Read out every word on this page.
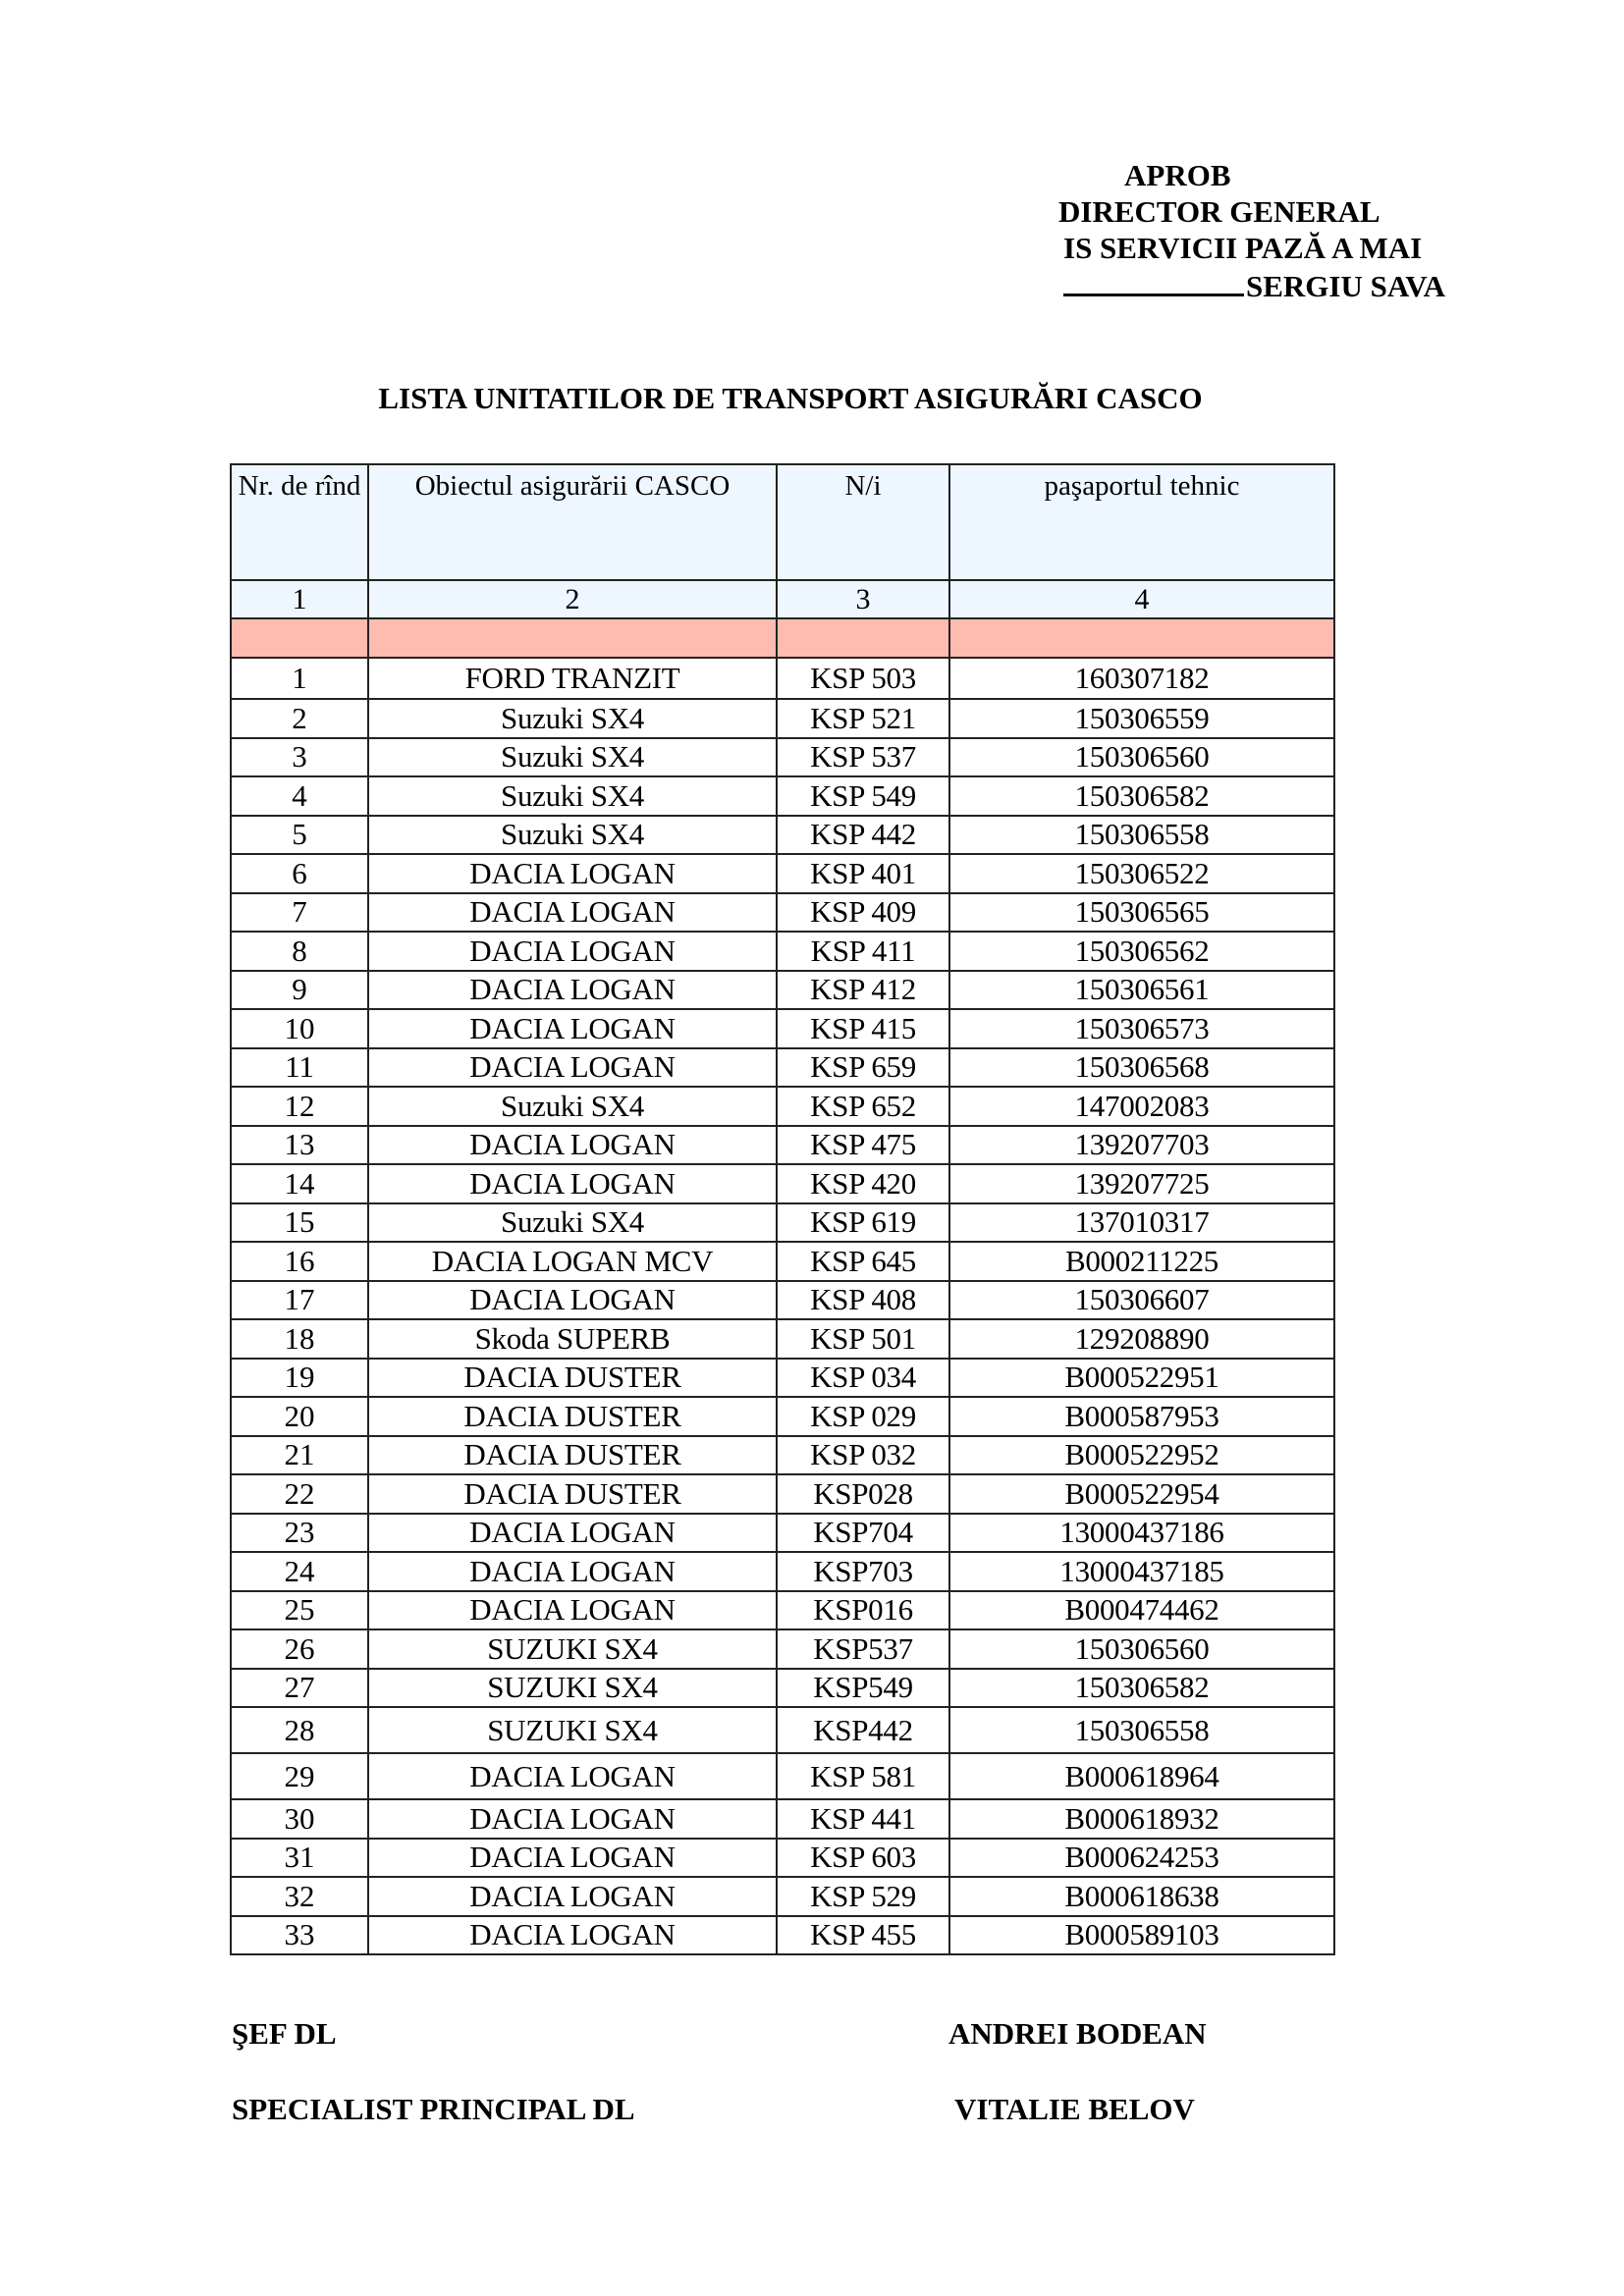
APROB
DIRECTOR GENERAL
IS SERVICII PAZĂ A MAI
SERGIU SAVA
LISTA UNITATILOR DE TRANSPORT ASIGURĂRI CASCO
Nr. de rînd	Obiectul asigurării CASCO	N/i	paşaportul tehnic
1	2	3	4

1	FORD TRANZIT	KSP 503	160307182
2	Suzuki SX4	KSP 521	150306559
3	Suzuki SX4	KSP 537	150306560
4	Suzuki SX4	KSP 549	150306582
5	Suzuki SX4	KSP 442	150306558
6	DACIA LOGAN	KSP 401	150306522
7	DACIA LOGAN	KSP 409	150306565
8	DACIA LOGAN	KSP 411	150306562
9	DACIA LOGAN	KSP 412	150306561
10	DACIA LOGAN	KSP 415	150306573
11	DACIA LOGAN	KSP 659	150306568
12	Suzuki SX4	KSP 652	147002083
13	DACIA LOGAN	KSP 475	139207703
14	DACIA LOGAN	KSP 420	139207725
15	Suzuki SX4	KSP 619	137010317
16	DACIA LOGAN MCV	KSP 645	B000211225
17	DACIA LOGAN	KSP 408	150306607
18	Skoda SUPERB	KSP 501	129208890
19	DACIA DUSTER	KSP 034	B000522951
20	DACIA DUSTER	KSP 029	B000587953
21	DACIA DUSTER	KSP 032	B000522952
22	DACIA DUSTER	KSP028	B000522954
23	DACIA LOGAN	KSP704	13000437186
24	DACIA LOGAN	KSP703	13000437185
25	DACIA LOGAN	KSP016	B000474462
26	SUZUKI SX4	KSP537	150306560
27	SUZUKI SX4	KSP549	150306582
28	SUZUKI SX4	KSP442	150306558
29	DACIA LOGAN	KSP 581	B000618964
30	DACIA LOGAN	KSP 441	B000618932
31	DACIA LOGAN	KSP 603	B000624253
32	DACIA LOGAN	KSP 529	B000618638
33	DACIA LOGAN	KSP 455	B000589103
ŞEF DL	ANDREI BODEAN
SPECIALIST PRINCIPAL DL	VITALIE BELOV
